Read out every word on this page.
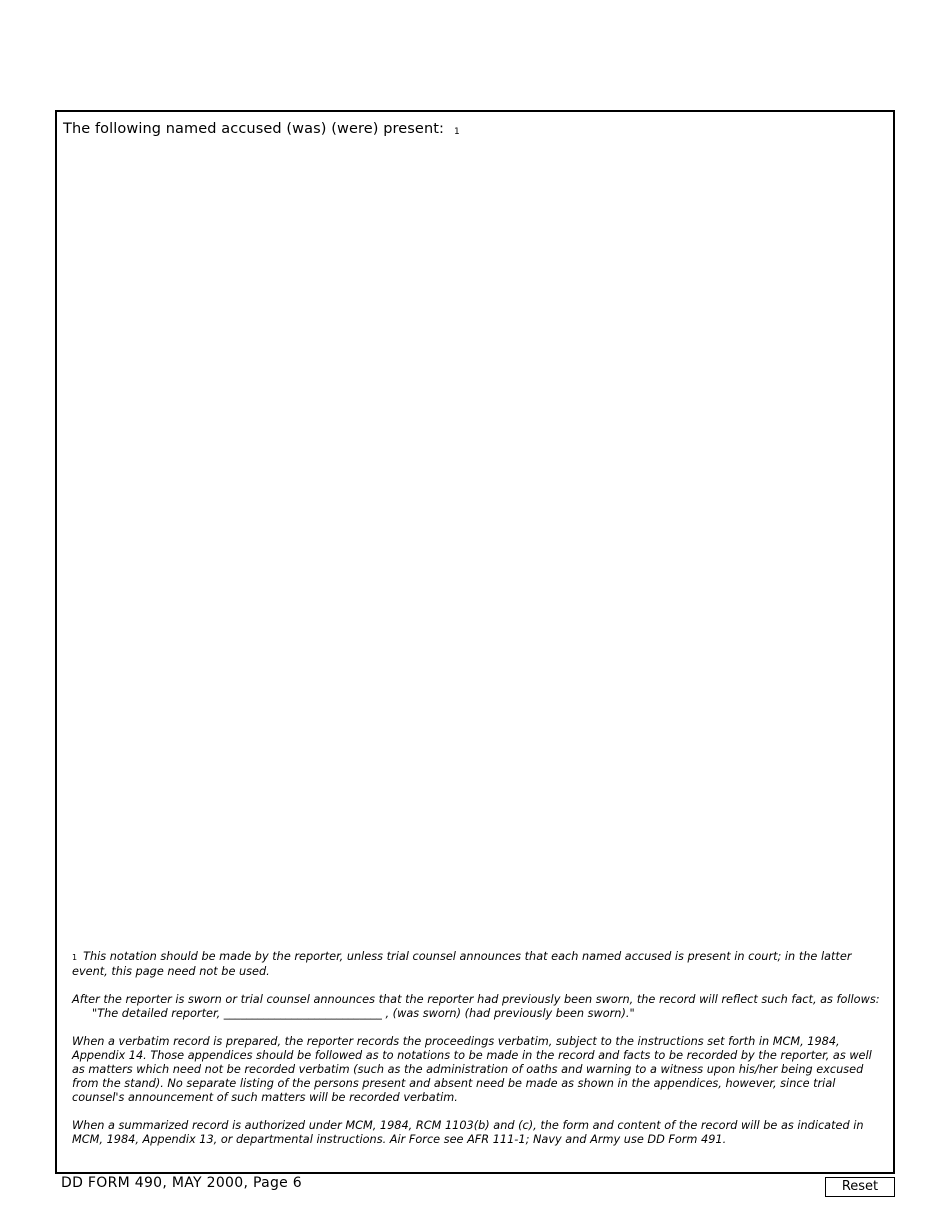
The following named accused (was) (were) present: 1

1 This notation should be made by the reporter, unless trial counsel announces that each named accused is present in court; in the latter event, this page need not be used.

After the reporter is sworn or trial counsel announces that the reporter had previously been sworn, the record will reflect such fact, as follows:
"The detailed reporter, ____________________________ , (was sworn) (had previously been sworn)."

When a verbatim record is prepared, the reporter records the proceedings verbatim, subject to the instructions set forth in MCM, 1984, Appendix 14. Those appendices should be followed as to notations to be made in the record and facts to be recorded by the reporter, as well as matters which need not be recorded verbatim (such as the administration of oaths and warning to a witness upon his/her being excused from the stand). No separate listing of the persons present and absent need be made as shown in the appendices, however, since trial counsel's announcement of such matters will be recorded verbatim.

When a summarized record is authorized under MCM, 1984, RCM 1103(b) and (c), the form and content of the record will be as indicated in MCM, 1984, Appendix 13, or departmental instructions. Air Force see AFR 111-1; Navy and Army use DD Form 491.

DD FORM 490, MAY 2000, Page 6	Reset
